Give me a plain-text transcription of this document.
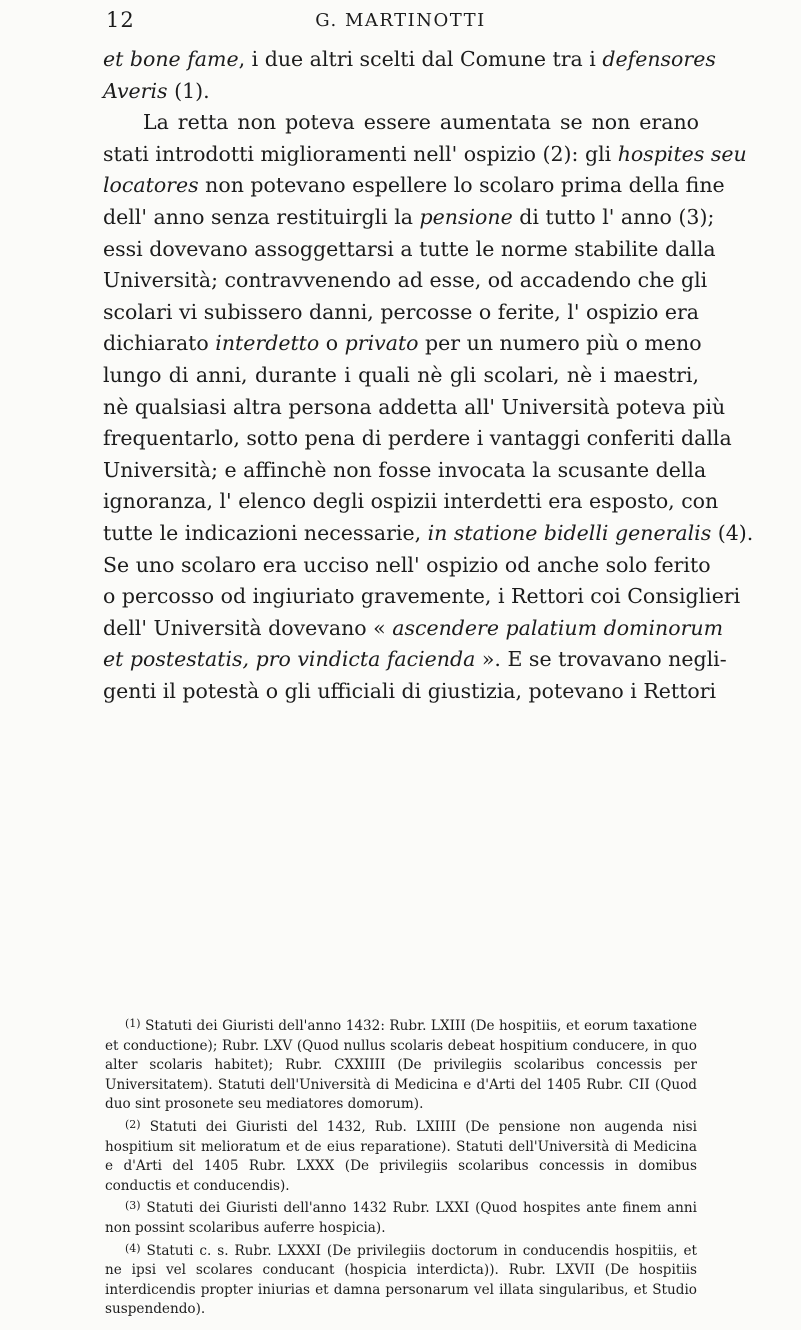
12	G. MARTINOTTI
et bone fame, i due altri scelti dal Comune tra i defensores
Averis (1).
La retta non poteva essere aumentata se non erano
stati introdotti miglioramenti nell' ospizio (2): gli hospites seu
locatores non potevano espellere lo scolaro prima della fine
dell' anno senza restituirgli la pensione di tutto l' anno (3);
essi dovevano assoggettarsi a tutte le norme stabilite dalla
Università; contravvenendo ad esse, od accadendo che gli
scolari vi subissero danni, percosse o ferite, l' ospizio era
dichiarato interdetto o privato per un numero più o meno
lungo di anni, durante i quali nè gli scolari, nè i maestri,
nè qualsiasi altra persona addetta all' Università poteva più
frequentarlo, sotto pena di perdere i vantaggi conferiti dalla
Università; e affinchè non fosse invocata la scusante della
ignoranza, l' elenco degli ospizii interdetti era esposto, con
tutte le indicazioni necessarie, in statione bidelli generalis (4).
Se uno scolaro era ucciso nell' ospizio od anche solo ferito
o percosso od ingiuriato gravemente, i Rettori coi Consiglieri
dell' Università dovevano « ascendere palatium dominorum
et postestatis, pro vindicta facienda ». E se trovavano negli-
genti il potestà o gli ufficiali di giustizia, potevano i Rettori

$^{(1)}$ Statuti dei Giuristi dell'anno 1432: Rubr. LXIII (De hospitiis, et eorum taxatione et conductione); Rubr. LXV (Quod nullus scolaris debeat hospitium conducere, in quo alter scolaris habitet); Rubr. CXXIIII (De privilegiis scolaribus concessis per Universitatem). Statuti dell'Università di Medicina e d'Arti del 1405 Rubr. CII (Quod duo sint prosonete seu mediatores domorum).

$^{(2)}$ Statuti dei Giuristi del 1432, Rub. LXIIII (De pensione non augenda nisi hospitium sit melioratum et de eius reparatione). Statuti dell'Università di Medicina e d'Arti del 1405 Rubr. LXXX (De privilegiis scolaribus concessis in domibus conductis et conducendis).

$^{(3)}$ Statuti dei Giuristi dell'anno 1432 Rubr. LXXI (Quod hospites ante finem anni non possint scolaribus auferre hospicia).

$^{(4)}$ Statuti c. s. Rubr. LXXXI (De privilegiis doctorum in conducendis hospitiis, et ne ipsi vel scolares conducant (hospicia interdicta)). Rubr. LXVII (De hospitiis interdicendis propter iniurias et damna personarum vel illata singularibus, et Studio suspendendo).
